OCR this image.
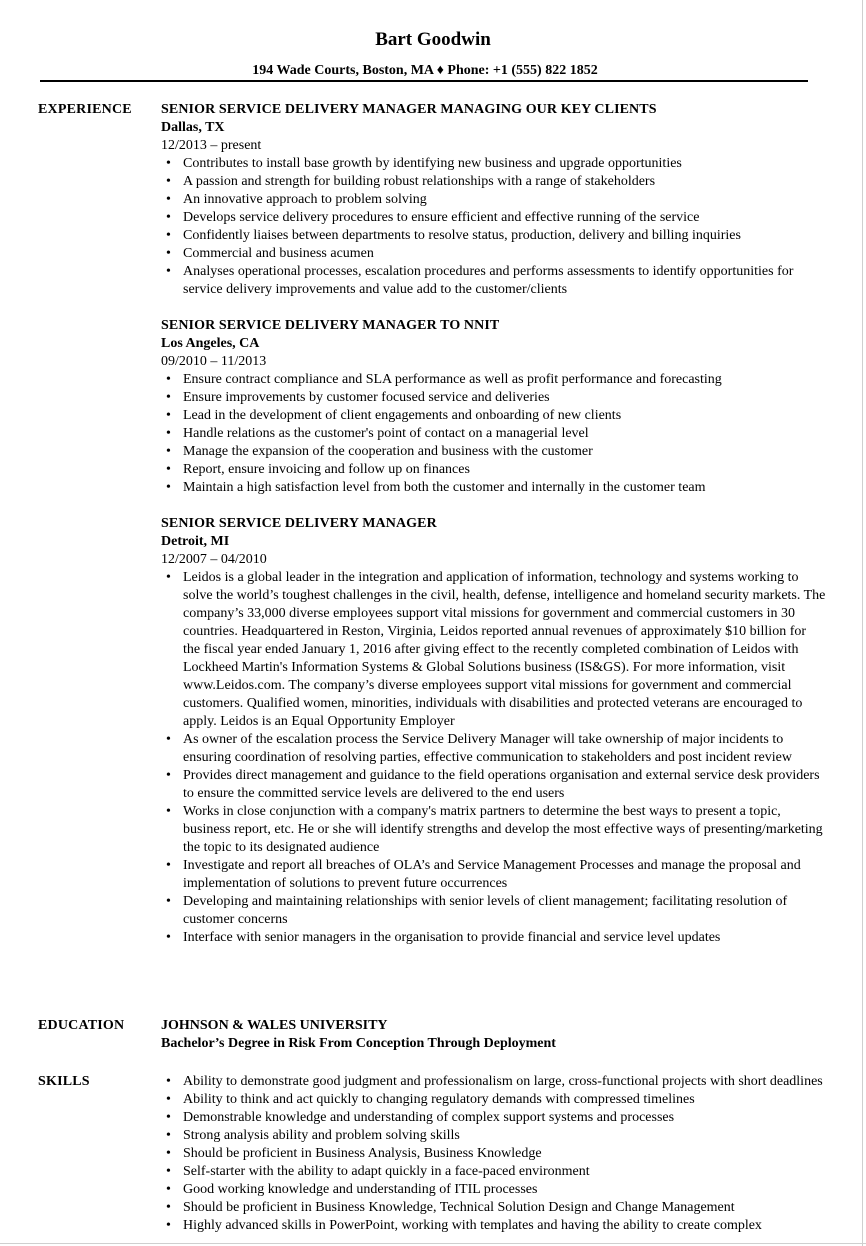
Bart Goodwin
194 Wade Courts, Boston, MA ♦ Phone: +1 (555) 822 1852
EXPERIENCE	SENIOR SERVICE DELIVERY MANAGER MANAGING OUR KEY CLIENTS
Dallas, TX
12/2013 – present
• Contributes to install base growth by identifying new business and upgrade opportunities
• A passion and strength for building robust relationships with a range of stakeholders
• An innovative approach to problem solving
• Develops service delivery procedures to ensure efficient and effective running of the service
• Confidently liaises between departments to resolve status, production, delivery and billing inquiries
• Commercial and business acumen
• Analyses operational processes, escalation procedures and performs assessments to identify opportunities for service delivery improvements and value add to the customer/clients
SENIOR SERVICE DELIVERY MANAGER TO NNIT
Los Angeles, CA
09/2010 – 11/2013
• Ensure contract compliance and SLA performance as well as profit performance and forecasting
• Ensure improvements by customer focused service and deliveries
• Lead in the development of client engagements and onboarding of new clients
• Handle relations as the customer's point of contact on a managerial level
• Manage the expansion of the cooperation and business with the customer
• Report, ensure invoicing and follow up on finances
• Maintain a high satisfaction level from both the customer and internally in the customer team
SENIOR SERVICE DELIVERY MANAGER
Detroit, MI
12/2007 – 04/2010
• Leidos is a global leader in the integration and application of information, technology and systems working to solve the world’s toughest challenges in the civil, health, defense, intelligence and homeland security markets. The company’s 33,000 diverse employees support vital missions for government and commercial customers in 30 countries. Headquartered in Reston, Virginia, Leidos reported annual revenues of approximately $10 billion for the fiscal year ended January 1, 2016 after giving effect to the recently completed combination of Leidos with Lockheed Martin's Information Systems & Global Solutions business (IS&GS). For more information, visit www.Leidos.com. The company’s diverse employees support vital missions for government and commercial customers. Qualified women, minorities, individuals with disabilities and protected veterans are encouraged to apply. Leidos is an Equal Opportunity Employer
• As owner of the escalation process the Service Delivery Manager will take ownership of major incidents to ensuring coordination of resolving parties, effective communication to stakeholders and post incident review
• Provides direct management and guidance to the field operations organisation and external service desk providers to ensure the committed service levels are delivered to the end users
• Works in close conjunction with a company's matrix partners to determine the best ways to present a topic, business report, etc. He or she will identify strengths and develop the most effective ways of presenting/marketing the topic to its designated audience
• Investigate and report all breaches of OLA’s and Service Management Processes and manage the proposal and implementation of solutions to prevent future occurrences
• Developing and maintaining relationships with senior levels of client management; facilitating resolution of customer concerns
• Interface with senior managers in the organisation to provide financial and service level updates
EDUCATION	JOHNSON & WALES UNIVERSITY
Bachelor’s Degree in Risk From Conception Through Deployment
SKILLS
•	Ability to demonstrate good judgment and professionalism on large, cross-functional projects with short deadlines
• Ability to think and act quickly to changing regulatory demands with compressed timelines
• Demonstrable knowledge and understanding of complex support systems and processes
• Strong analysis ability and problem solving skills
• Should be proficient in Business Analysis, Business Knowledge
• Self-starter with the ability to adapt quickly in a face-paced environment
• Good working knowledge and understanding of ITIL processes
• Should be proficient in Business Knowledge, Technical Solution Design and Change Management
• Highly advanced skills in PowerPoint, working with templates and having the ability to create complex
